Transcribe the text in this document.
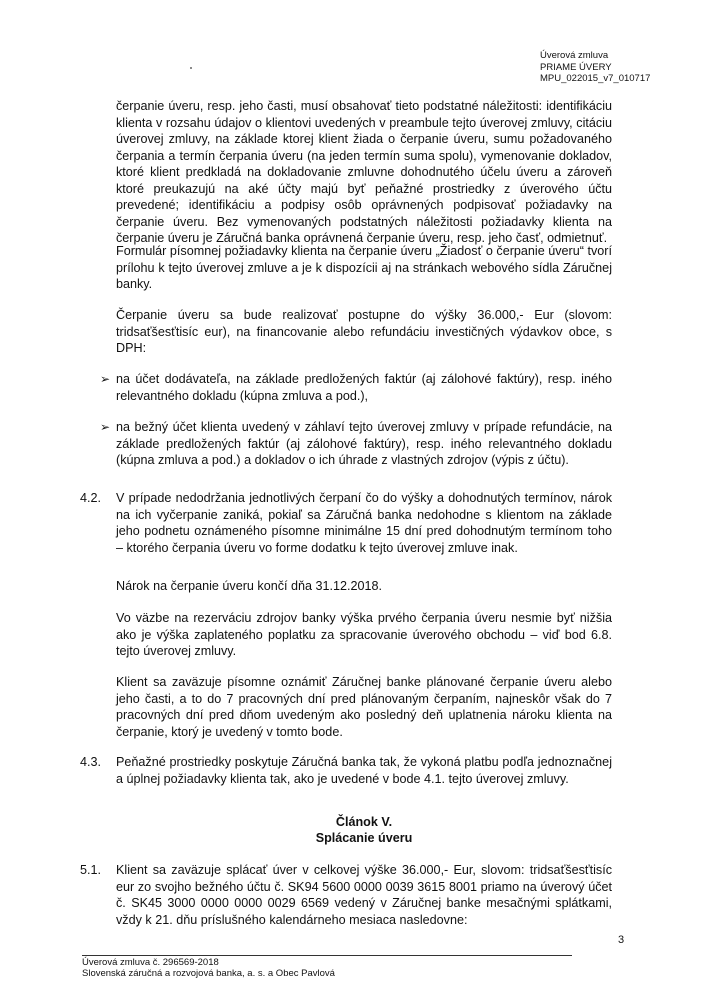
Úverová zmluva
PRIAME ÚVERY
MPU_022015_v7_010717

čerpanie úveru, resp. jeho časti, musí obsahovať tieto podstatné náležitosti: identifikáciu klienta v rozsahu údajov o klientovi uvedených v preambule tejto úverovej zmluvy, citáciu úverovej zmluvy, na základe ktorej klient žiada o čerpanie úveru, sumu požadovaného čerpania a termín čerpania úveru (na jeden termín suma spolu), vymenovanie dokladov, ktoré klient predkladá na dokladovanie zmluvne dohodnutého účelu úveru a zároveň ktoré preukazujú na aké účty majú byť peňažné prostriedky z úverového účtu prevedené; identifikáciu a podpisy osôb oprávnených podpisovať požiadavky na čerpanie úveru. Bez vymenovaných podstatných náležitosti požiadavky klienta na čerpanie úveru je Záručná banka oprávnená čerpanie úveru, resp. jeho časť, odmietnuť.

Formulár písomnej požiadavky klienta na čerpanie úveru „Žiadosť o čerpanie úveru“ tvorí prílohu k tejto úverovej zmluve a je k dispozícii aj na stránkach webového sídla Záručnej banky.

Čerpanie úveru sa bude realizovať postupne do výšky 36.000,- Eur (slovom: tridsaťšesťtisíc eur), na financovanie alebo refundáciu investičných výdavkov obce, s DPH:

➢ na účet dodávateľa, na základe predložených faktúr (aj zálohové faktúry), resp. iného relevantného dokladu (kúpna zmluva a pod.),

➢ na bežný účet klienta uvedený v záhlaví tejto úverovej zmluvy v prípade refundácie, na základe predložených faktúr (aj zálohové faktúry), resp. iného relevantného dokladu (kúpna zmluva a pod.) a dokladov o ich úhrade z vlastných zdrojov (výpis z účtu).

4.2. V prípade nedodržania jednotlivých čerpaní čo do výšky a dohodnutých termínov, nárok na ich vyčerpanie zaniká, pokiaľ sa Záručná banka nedohodne s klientom na základe jeho podnetu oznámeného písomne minimálne 15 dní pred dohodnutým termínom toho – ktorého čerpania úveru vo forme dodatku k tejto úverovej zmluve inak.

Nárok na čerpanie úveru končí dňa 31.12.2018.

Vo väzbe na rezerváciu zdrojov banky výška prvého čerpania úveru nesmie byť nižšia ako je výška zaplateného poplatku za spracovanie úverového obchodu – viď bod 6.8. tejto úverovej zmluvy.

Klient sa zaväzuje písomne oznámiť Záručnej banke plánované čerpanie úveru alebo jeho časti, a to do 7 pracovných dní pred plánovaným čerpaním, najneskôr však do 7 pracovných dní pred dňom uvedeným ako posledný deň uplatnenia nároku klienta na čerpanie, ktorý je uvedený v tomto bode.

4.3. Peňažné prostriedky poskytuje Záručná banka tak, že vykoná platbu podľa jednoznačnej a úplnej požiadavky klienta tak, ako je uvedené v bode 4.1. tejto úverovej zmluvy.

Článok V.
Splácanie úveru
5.1. Klient sa zaväzuje splácať úver v celkovej výške 36.000,- Eur, slovom: tridsaťšesťtisíc eur zo svojho bežného účtu č. SK94 5600 0000 0039 3615 8001 priamo na úverový účet č. SK45 3000 0000 0000 0029 6569 vedený v Záručnej banke mesačnými splátkami, vždy k 21. dňu príslušného kalendárneho mesiaca nasledovne:

3
Úverová zmluva č. 296569-2018
Slovenská záručná a rozvojová banka, a. s. a Obec Pavlová
